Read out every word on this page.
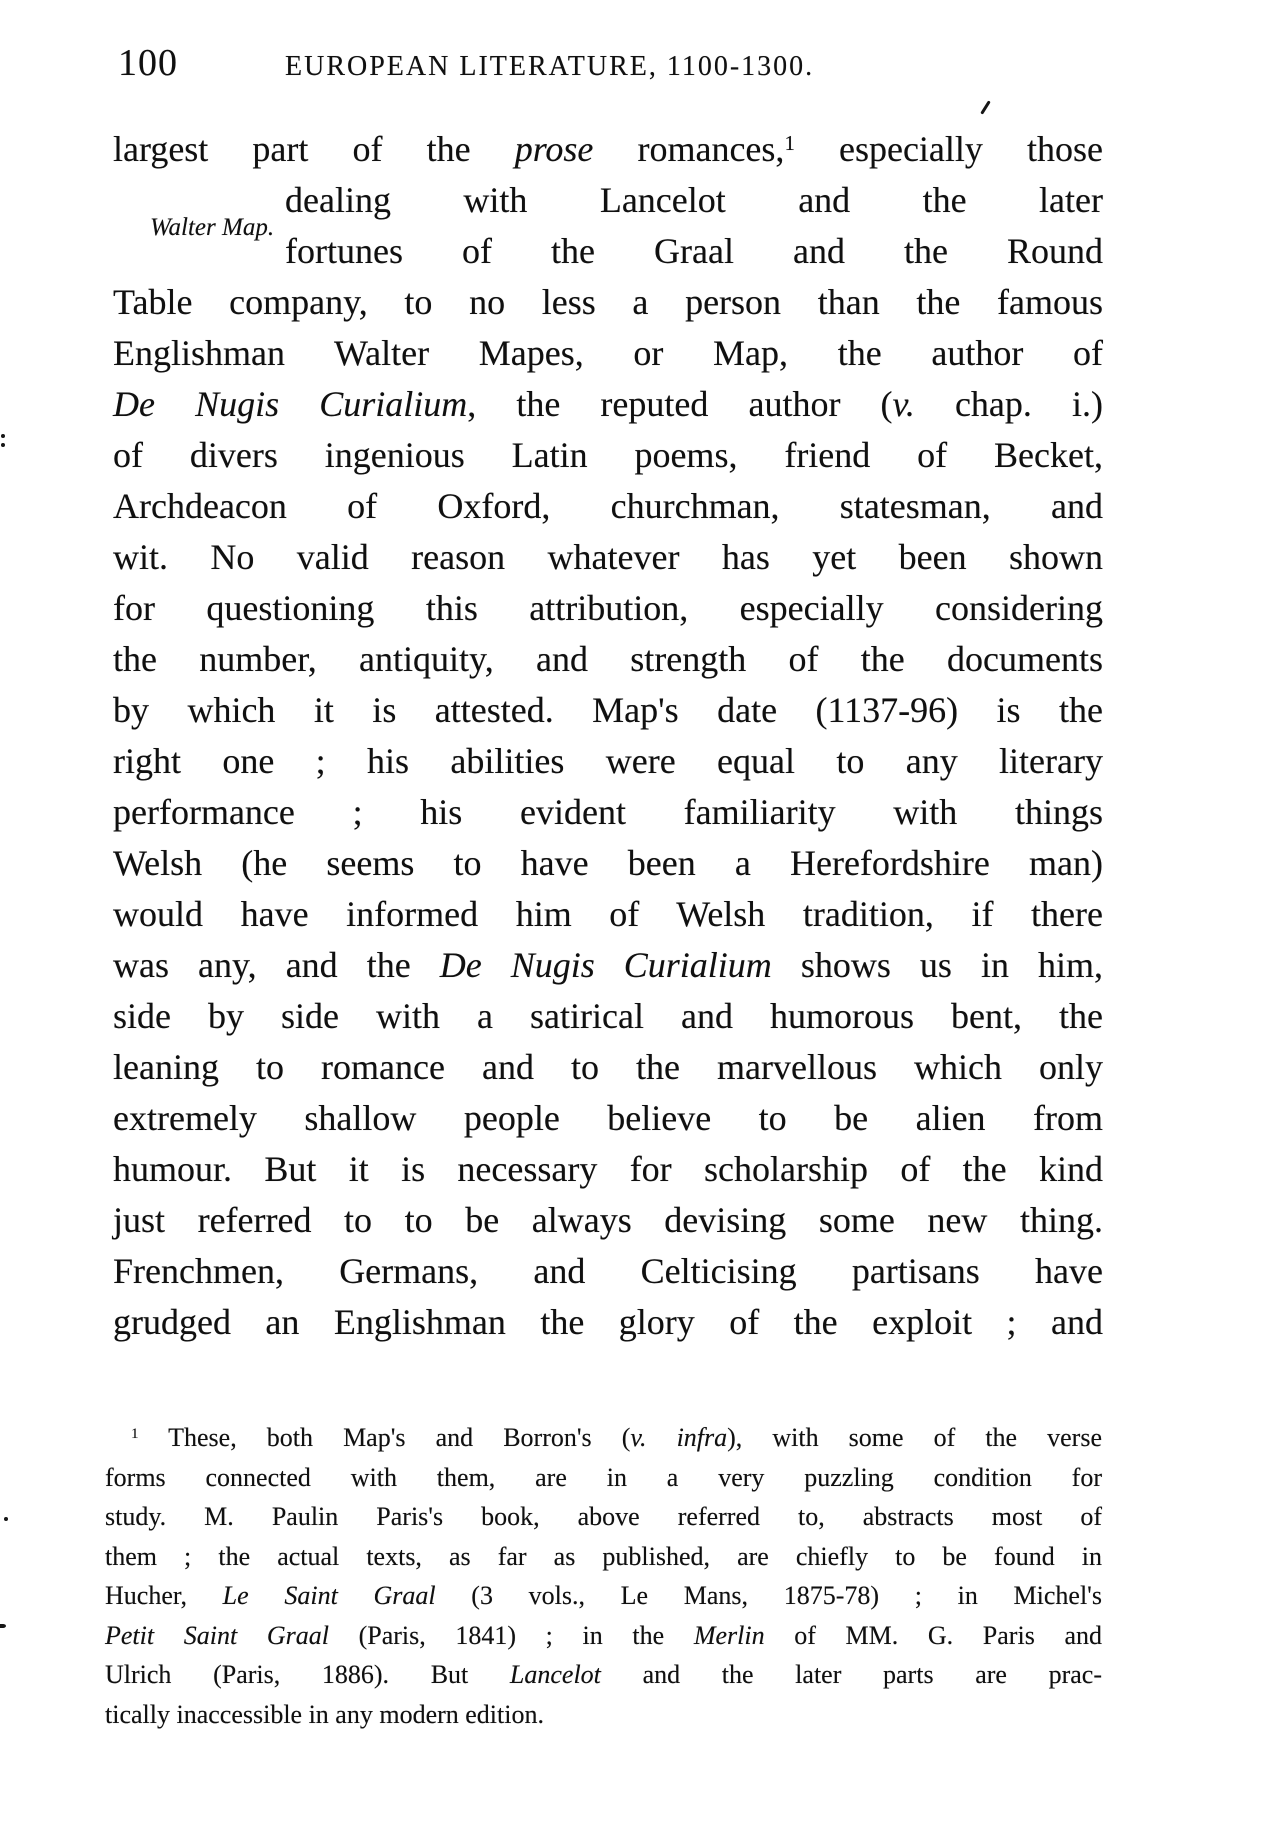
100	EUROPEAN LITERATURE, 1100-1300.
Walter Map.
largest part of the prose romances,$^1$ especially those
dealing with Lancelot and the later
fortunes of the Graal and the Round
Table company, to no less a person than the famous
Englishman Walter Mapes, or Map, the author of
De Nugis Curialium, the reputed author (v. chap. i.)
of divers ingenious Latin poems, friend of Becket,
Archdeacon of Oxford, churchman, statesman, and
wit. No valid reason whatever has yet been shown
for questioning this attribution, especially considering
the number, antiquity, and strength of the documents
by which it is attested. Map's date (1137-96) is the
right one ; his abilities were equal to any literary
performance ; his evident familiarity with things
Welsh (he seems to have been a Herefordshire man)
would have informed him of Welsh tradition, if there
was any, and the De Nugis Curialium shows us in him,
side by side with a satirical and humorous bent, the
leaning to romance and to the marvellous which only
extremely shallow people believe to be alien from
humour. But it is necessary for scholarship of the kind
just referred to to be always devising some new thing.
Frenchmen, Germans, and Celticising partisans have
grudged an Englishman the glory of the exploit ; and
$^1$ These, both Map's and Borron's (v. infra), with some of the verse
forms connected with them, are in a very puzzling condition for
study. M. Paulin Paris's book, above referred to, abstracts most of
them ; the actual texts, as far as published, are chiefly to be found in
Hucher, Le Saint Graal (3 vols., Le Mans, 1875-78) ; in Michel's
Petit Saint Graal (Paris, 1841) ; in the Merlin of MM. G. Paris and
Ulrich (Paris, 1886). But Lancelot and the later parts are prac-
tically inaccessible in any modern edition.
